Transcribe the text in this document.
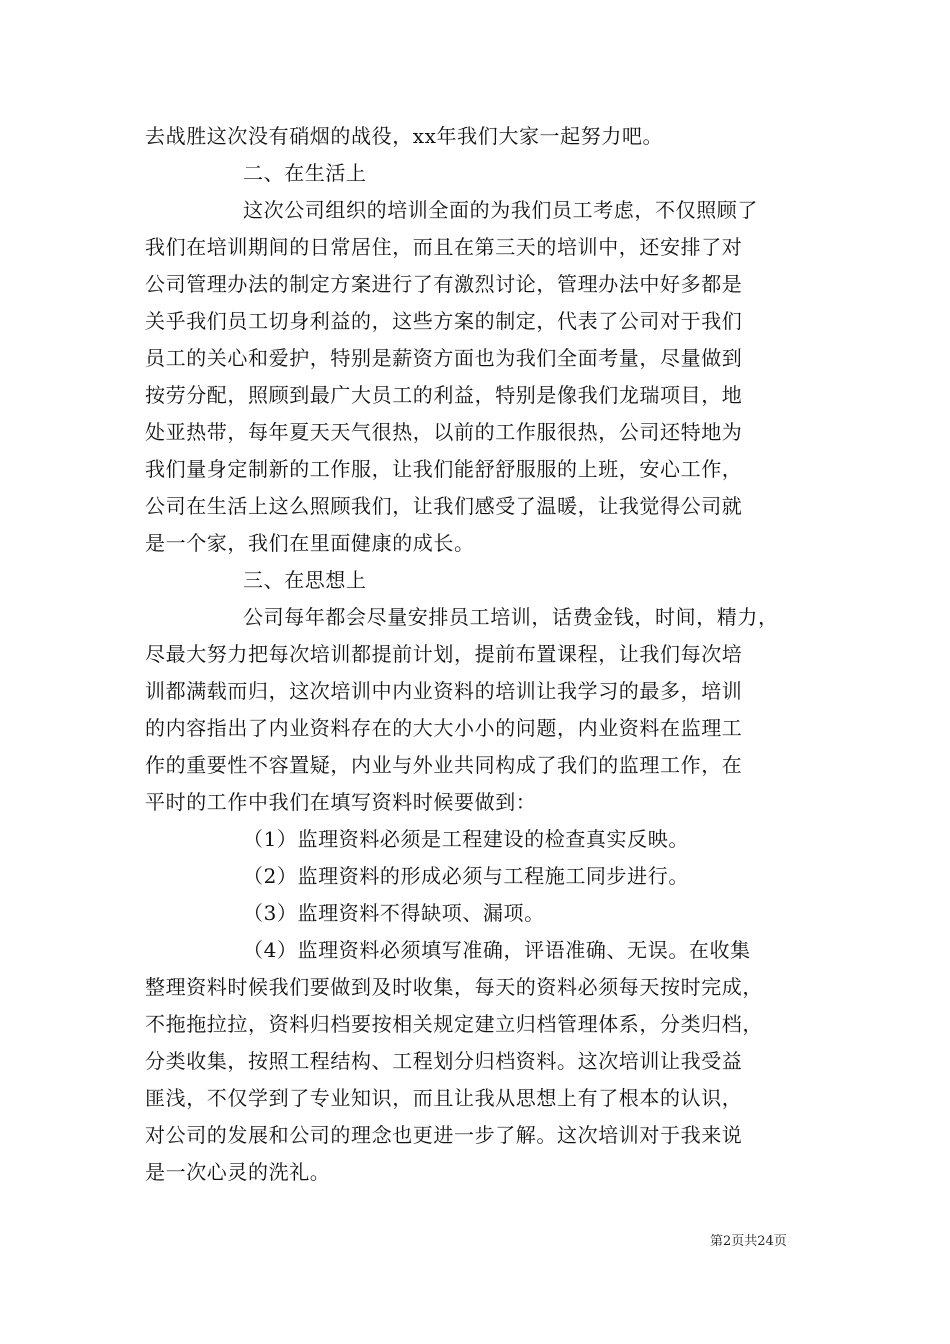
去战胜这次没有硝烟的战役，xx年我们大家一起努力吧。
二、在生活上
这次公司组织的培训全面的为我们员工考虑，不仅照顾了
我们在培训期间的日常居住，而且在第三天的培训中，还安排了对
公司管理办法的制定方案进行了有激烈讨论，管理办法中好多都是
关乎我们员工切身利益的，这些方案的制定，代表了公司对于我们
员工的关心和爱护，特别是薪资方面也为我们全面考量，尽量做到
按劳分配，照顾到最广大员工的利益，特别是像我们龙瑞项目，地
处亚热带，每年夏天天气很热，以前的工作服很热，公司还特地为
我们量身定制新的工作服，让我们能舒舒服服的上班，安心工作，
公司在生活上这么照顾我们，让我们感受了温暖，让我觉得公司就
是一个家，我们在里面健康的成长。
三、在思想上
公司每年都会尽量安排员工培训，话费金钱，时间，精力，
尽最大努力把每次培训都提前计划，提前布置课程，让我们每次培
训都满载而归，这次培训中内业资料的培训让我学习的最多，培训
的内容指出了内业资料存在的大大小小的问题，内业资料在监理工
作的重要性不容置疑，内业与外业共同构成了我们的监理工作，在
平时的工作中我们在填写资料时候要做到：
（1）监理资料必须是工程建设的检查真实反映。
（2）监理资料的形成必须与工程施工同步进行。
（3）监理资料不得缺项、漏项。
（4）监理资料必须填写准确，评语准确、无误。在收集
整理资料时候我们要做到及时收集，每天的资料必须每天按时完成，
不拖拖拉拉，资料归档要按相关规定建立归档管理体系，分类归档，
分类收集，按照工程结构、工程划分归档资料。这次培训让我受益
匪浅，不仅学到了专业知识，而且让我从思想上有了根本的认识，
对公司的发展和公司的理念也更进一步了解。这次培训对于我来说
是一次心灵的洗礼。
第2页共24页
